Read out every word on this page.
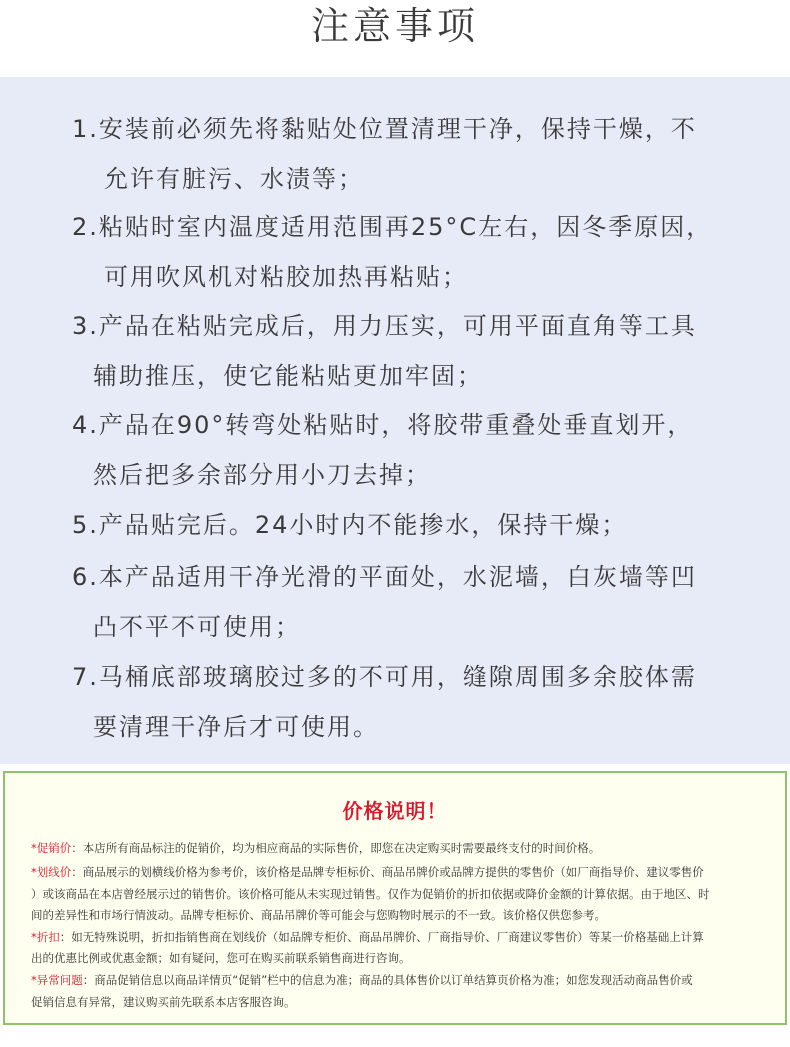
注意事项
1.安装前必须先将黏贴处位置清理干净，保持干燥，不
允许有脏污、水渍等；
2.粘贴时室内温度适用范围再25°C左右，因冬季原因，
可用吹风机对粘胶加热再粘贴；
3.产品在粘贴完成后，用力压实，可用平面直角等工具
辅助推压，使它能粘贴更加牢固；
4.产品在90°转弯处粘贴时，将胶带重叠处垂直划开，
然后把多余部分用小刀去掉；
5.产品贴完后。24小时内不能掺水，保持干燥；
6.本产品适用干净光滑的平面处，水泥墙，白灰墙等凹
凸不平不可使用；
7.马桶底部玻璃胶过多的不可用，缝隙周围多余胶体需
要清理干净后才可使用。
价格说明！
*促销价：本店所有商品标注的促销价，均为相应商品的实际售价，即您在决定购买时需要最终支付的时间价格。
*划线价：商品展示的划横线价格为参考价，该价格是品牌专柜标价、商品吊牌价或品牌方提供的零售价（如厂商指导价、建议零售价
）或该商品在本店曾经展示过的销售价。该价格可能从未实现过销售。仅作为促销价的折扣依据或降价金额的计算依据。由于地区、时
间的差异性和市场行情波动。品牌专柜标价、商品吊牌价等可能会与您购物时展示的不一致。该价格仅供您参考。
*折扣：如无特殊说明，折扣指销售商在划线价（如品牌专柜价、商品吊牌价、厂商指导价、厂商建议零售价）等某一价格基础上计算
出的优惠比例或优惠金额；如有疑问，您可在购买前联系销售商进行咨询。
*异常问题：商品促销信息以商品详情页“促销”栏中的信息为准；商品的具体售价以订单结算页价格为准；如您发现活动商品售价或
促销信息有异常，建议购买前先联系本店客服咨询。
